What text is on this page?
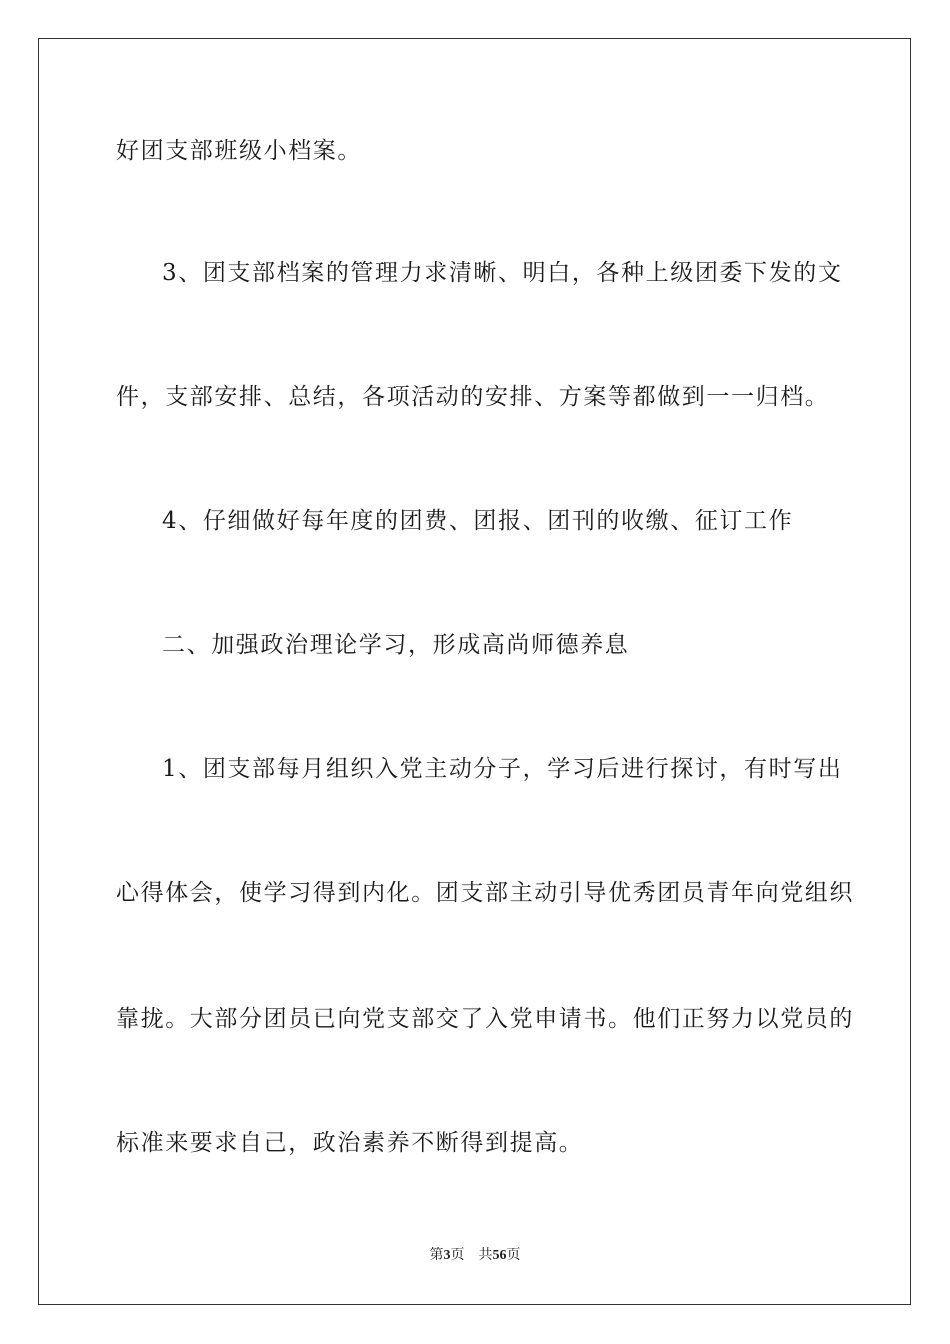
好团支部班级小档案。
3、团支部档案的管理力求清晰、明白，各种上级团委下发的文
件，支部安排、总结，各项活动的安排、方案等都做到一一归档。
4、仔细做好每年度的团费、团报、团刊的收缴、征订工作
二、加强政治理论学习，形成高尚师德养息
1、团支部每月组织入党主动分子，学习后进行探讨，有时写出
心得体会，使学习得到内化。团支部主动引导优秀团员青年向党组织
靠拢。大部分团员已向党支部交了入党申请书。他们正努力以党员的
标准来要求自己，政治素养不断得到提高。
第3页 共56页
